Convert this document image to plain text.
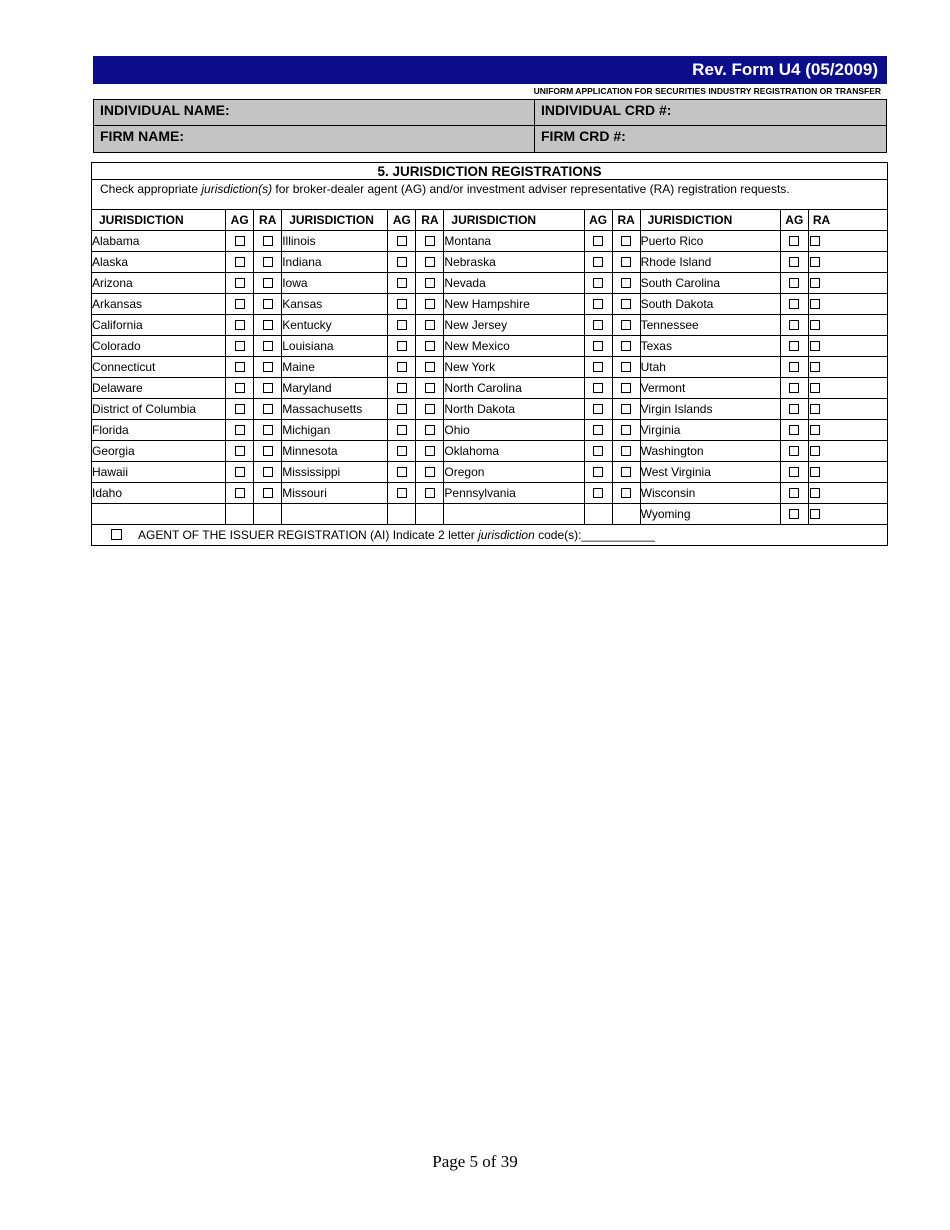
Rev. Form U4 (05/2009)
UNIFORM APPLICATION FOR SECURITIES INDUSTRY REGISTRATION OR TRANSFER
INDIVIDUAL NAME:	INDIVIDUAL CRD #:
FIRM NAME:	FIRM CRD #:
5. JURISDICTION REGISTRATIONS											
Check appropriate jurisdiction(s) for broker-dealer agent (AG) and/or investment adviser representative (RA) registration requests.											
JURISDICTION	AG	RA	JURISDICTION	AG	RA	JURISDICTION	AG	RA	JURISDICTION	AG	RA
Alabama			Illinois			Montana			Puerto Rico		
Alaska			Indiana			Nebraska			Rhode Island		
Arizona			Iowa			Nevada			South Carolina		
Arkansas			Kansas			New Hampshire			South Dakota		
California			Kentucky			New Jersey			Tennessee		
Colorado			Louisiana			New Mexico			Texas		
Connecticut			Maine			New York			Utah		
Delaware			Maryland			North Carolina			Vermont		
District of Columbia			Massachusetts			North Dakota			Virgin Islands		
Florida			Michigan			Ohio			Virginia		
Georgia			Minnesota			Oklahoma			Washington		
Hawaii			Mississippi			Oregon			West Virginia		
Idaho			Missouri			Pennsylvania			Wisconsin		
									Wyoming		

AGENT OF THE ISSUER REGISTRATION (AI) Indicate 2 letter jurisdiction code(s):___________											
Page 5 of 39
